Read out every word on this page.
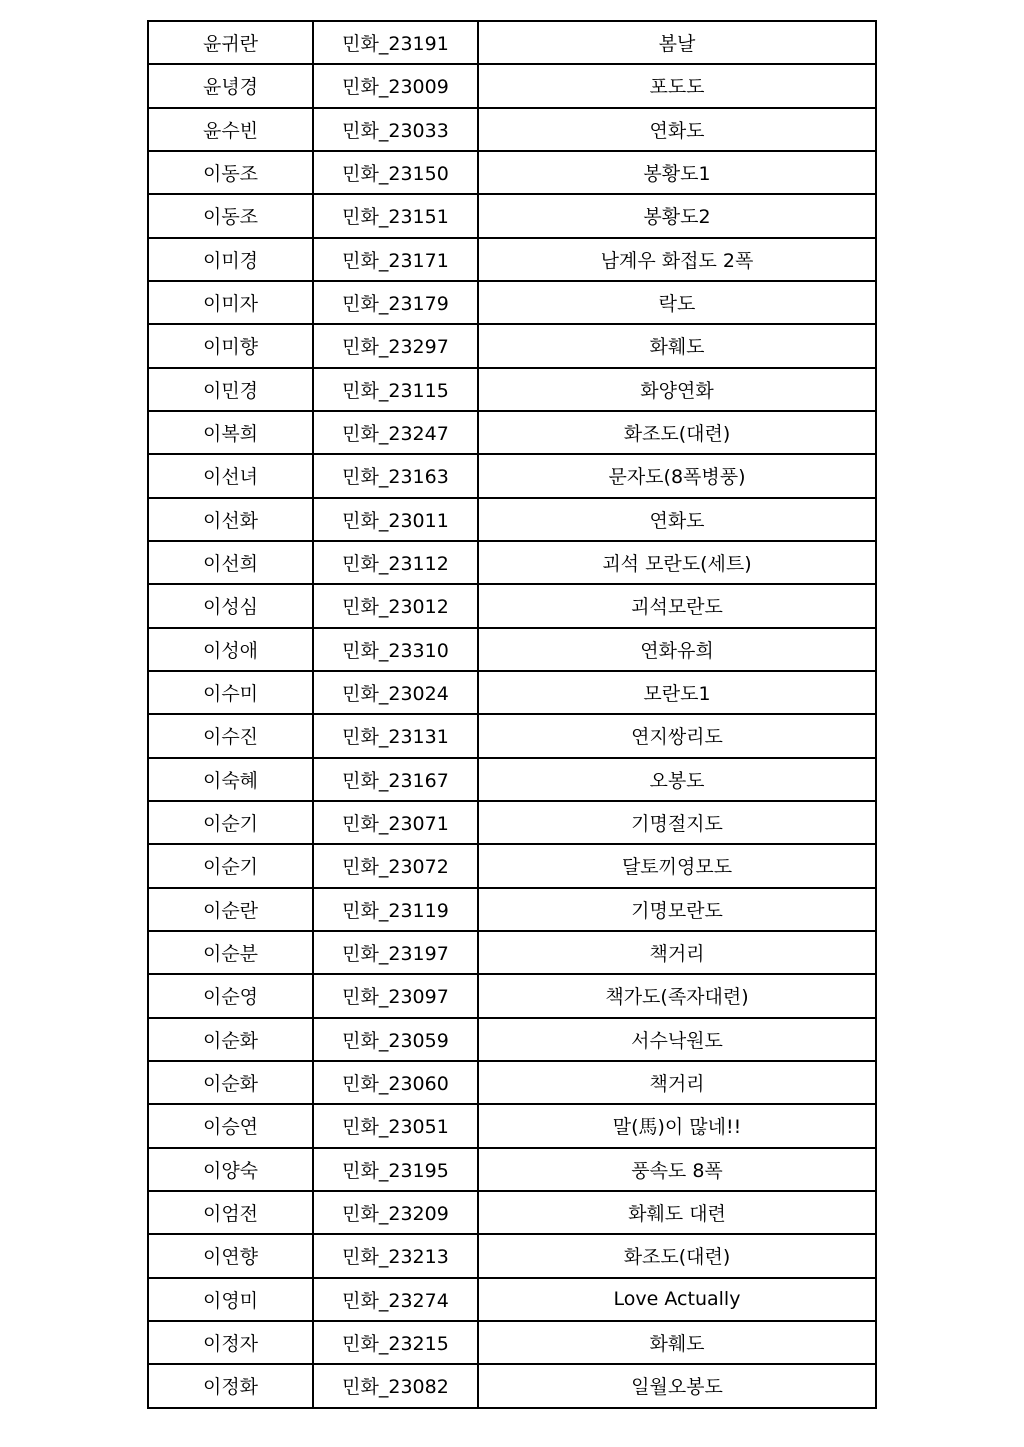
윤귀란	민화_23191	봄날
윤녕경	민화_23009	포도도
윤수빈	민화_23033	연화도
이동조	민화_23150	봉황도1
이동조	민화_23151	봉황도2
이미경	민화_23171	남계우 화접도 2폭
이미자	민화_23179	락도
이미향	민화_23297	화훼도
이민경	민화_23115	화양연화
이복희	민화_23247	화조도(대련)
이선녀	민화_23163	문자도(8폭병풍)
이선화	민화_23011	연화도
이선희	민화_23112	괴석 모란도(세트)
이성심	민화_23012	괴석모란도
이성애	민화_23310	연화유희
이수미	민화_23024	모란도1
이수진	민화_23131	연지쌍리도
이숙혜	민화_23167	오봉도
이순기	민화_23071	기명절지도
이순기	민화_23072	달토끼영모도
이순란	민화_23119	기명모란도
이순분	민화_23197	책거리
이순영	민화_23097	책가도(족자대련)
이순화	민화_23059	서수낙원도
이순화	민화_23060	책거리
이승연	민화_23051	말(馬)이 많네!!
이양숙	민화_23195	풍속도 8폭
이엄전	민화_23209	화훼도 대련
이연향	민화_23213	화조도(대련)
이영미	민화_23274	Love Actually
이정자	민화_23215	화훼도
이정화	민화_23082	일월오봉도
